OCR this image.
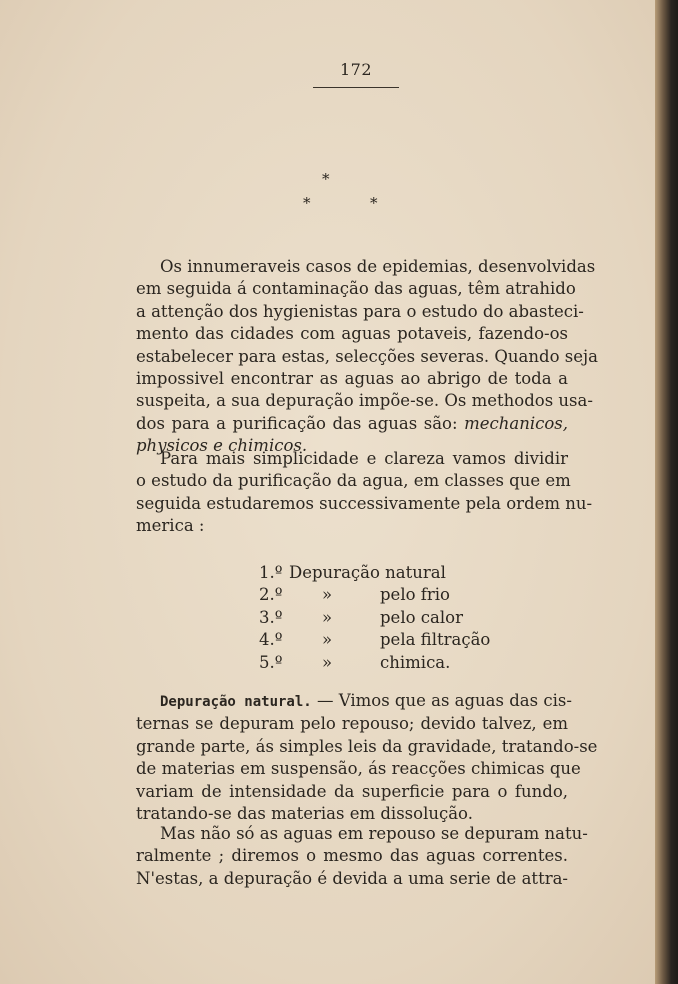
172
*
*	*
Os innumeraveis casos de epidemias, desenvolvidas
em seguida á contaminação das aguas, têm atrahido
a attenção dos hygienistas para o estudo do abasteci-
mento das cidades com aguas potaveis, fazendo-os
estabelecer para estas, selecções severas. Quando seja
impossivel encontrar as aguas ao abrigo de toda a
suspeita, a sua depuração impõe-se. Os methodos usa-
dos para a purificação das aguas são: mechanicos,
physicos e chimicos.
Para mais simplicidade e clareza vamos dividir
o estudo da purificação da agua, em classes que em
seguida estudaremos successivamente pela ordem nu-
merica :
1.º Depuração natural
2.º »	pelo frio
3.º »	pelo calor
4.º »	pela filtração
5.º »	chimica.
Depuração natural. — Vimos que as aguas das cis-
ternas se depuram pelo repouso; devido talvez, em
grande parte, ás simples leis da gravidade, tratando-se
de materias em suspensão, ás reacções chimicas que
variam de intensidade da superficie para o fundo,
tratando-se das materias em dissolução.
Mas não só as aguas em repouso se depuram natu-
ralmente ; diremos o mesmo das aguas correntes.
N'estas, a depuração é devida a uma serie de attra-
